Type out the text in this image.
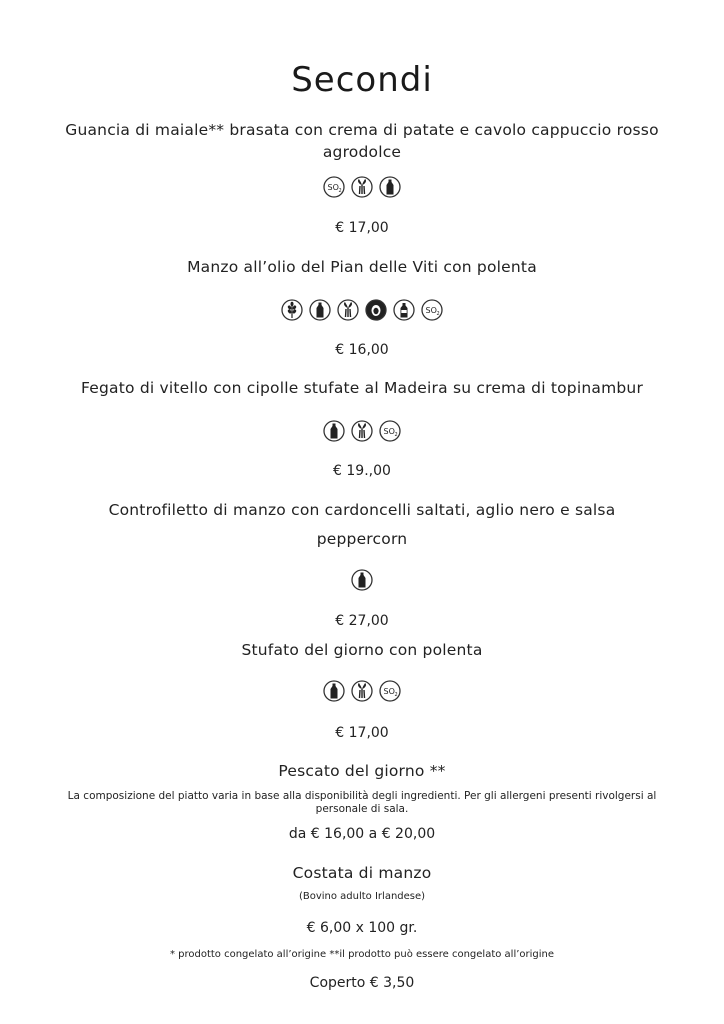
Secondi
Guancia di maiale** brasata con crema di patate e cavolo cappuccio rosso
agrodolce
€ 17,00
Manzo all’olio del Pian delle Viti con polenta
€ 16,00
Fegato di vitello con cipolle stufate al Madeira su crema di topinambur
€ 19.,00
Controfiletto di manzo con cardoncelli saltati, aglio nero e salsa
peppercorn
€ 27,00
Stufato del giorno con polenta
€ 17,00
Pescato del giorno **
La composizione del piatto varia in base alla disponibilità degli ingredienti. Per gli allergeni presenti rivolgersi al
personale di sala.
da € 16,00 a € 20,00
Costata di manzo
(Bovino adulto Irlandese)
€ 6,00 x 100 gr.
* prodotto congelato all’origine **il prodotto può essere congelato all’origine
Coperto € 3,50
